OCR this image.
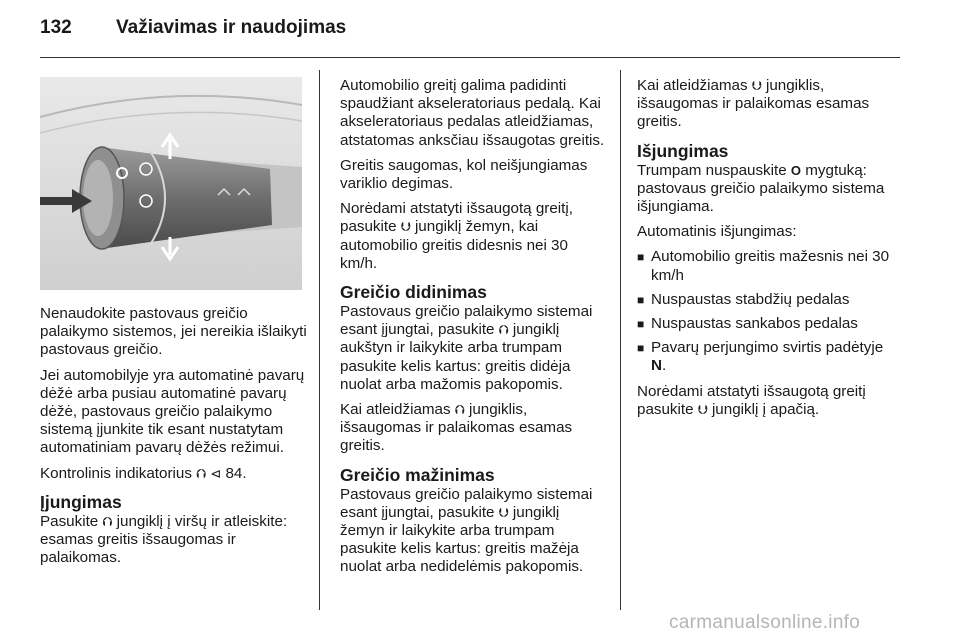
132	Važiavimas ir naudojimas

Nenaudokite pastovaus greičio palaikymo sistemos, jei nereikia išlaikyti pastovaus greičio.

Jei automobilyje yra automatinė pavarų dėžė arba pusiau automatinė pavarų dėžė, pastovaus greičio palaikymo sistemą įjunkite tik esant nustatytam automatiniam pavarų dėžės režimui.

Kontrolinis indikatorius ⮉ ⊲ 84.

Įjungimas

Pasukite ⮉ jungiklį į viršų ir atleiskite: esamas greitis išsaugomas ir palaikomas.

Automobilio greitį galima padidinti spaudžiant akseleratoriaus pedalą. Kai akseleratoriaus pedalas atleidžiamas, atstatomas anksčiau išsaugotas greitis.

Greitis saugomas, kol neišjungiamas variklio degimas.

Norėdami atstatyti išsaugotą greitį, pasukite ⮋ jungiklį žemyn, kai automobilio greitis didesnis nei 30 km/h.

Greičio didinimas

Pastovaus greičio palaikymo sistemai esant įjungtai, pasukite ⮉ jungiklį aukštyn ir laikykite arba trumpam pasukite kelis kartus: greitis didėja nuolat arba mažomis pakopomis.

Kai atleidžiamas ⮉ jungiklis, išsaugomas ir palaikomas esamas greitis.

Greičio mažinimas

Pastovaus greičio palaikymo sistemai esant įjungtai, pasukite ⮋ jungiklį žemyn ir laikykite arba trumpam pasukite kelis kartus: greitis mažėja nuolat arba nedidelėmis pakopomis.

Kai atleidžiamas ⮋ jungiklis, išsaugomas ir palaikomas esamas greitis.

Išjungimas

Trumpam nuspauskite O mygtuką: pastovaus greičio palaikymo sistema išjungiama.

Automatinis išjungimas:

■ Automobilio greitis mažesnis nei 30 km/h
■ Nuspaustas stabdžių pedalas
■ Nuspaustas sankabos pedalas
■ Pavarų perjungimo svirtis padėtyje N.

Norėdami atstatyti išsaugotą greitį pasukite ⮋ jungiklį į apačią.

carmanualsonline.info
